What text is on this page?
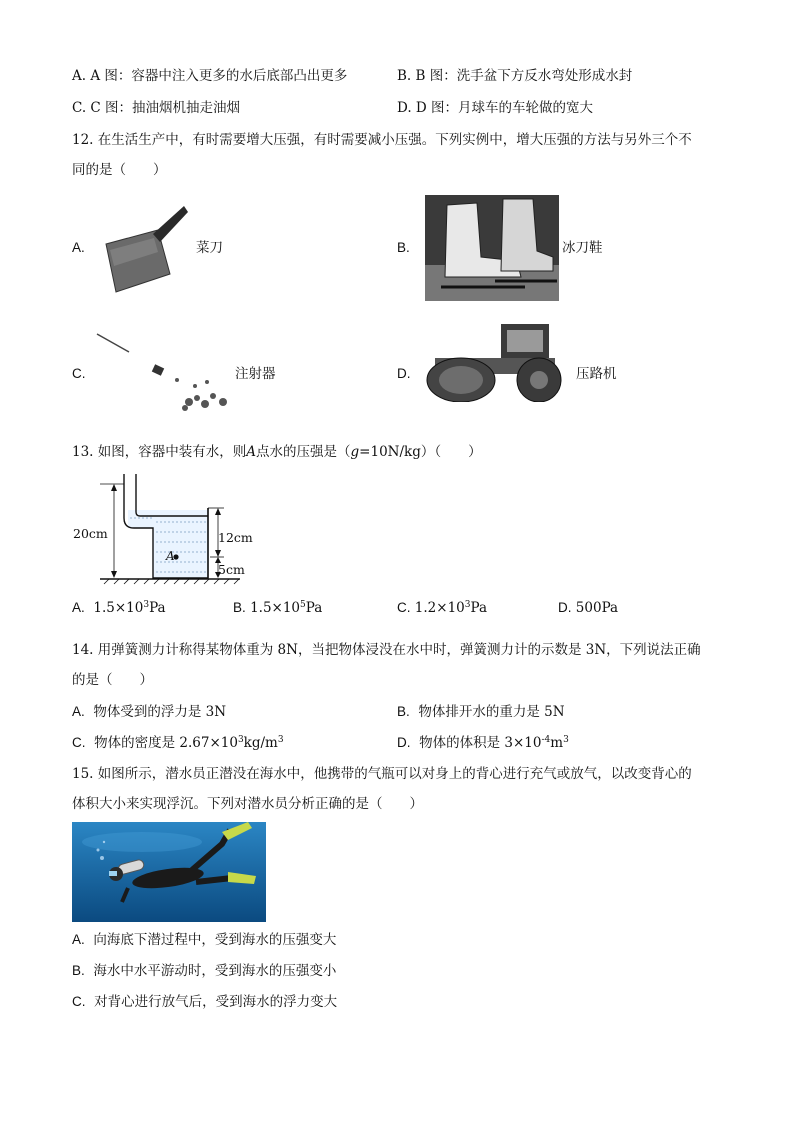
A. A 图：容器中注入更多的水后底部凸出更多	B. B 图：洗手盆下方反水弯处形成水封
C. C 图：抽油烟机抽走油烟	D. D 图：月球车的车轮做的宽大
12. 在生活生产中，有时需要增大压强，有时需要减小压强。下列实例中，增大压强的方法与另外三个不
同的是（　　）
A.	菜刀	B.	冰刀鞋
C.	注射器	D.	压路机
13. 如图，容器中装有水，则A点水的压强是（g=10N/kg）（　　）
20cm	12cm
5cm
A
A. $1.5\times 10^3Pa$	B. $1.5\times 10^5Pa$	C. $1.2\times 10^3Pa$	D. 500Pa
14. 用弹簧测力计称得某物体重为 8N，当把物体浸没在水中时，弹簧测力计的示数是 3N，下列说法正确
的是（　　）
A. 物体受到的浮力是 3N	B. 物体排开水的重力是 5N
C. 物体的密度是 $2.67\times 10^3kg/m^3$	D. 物体的体积是 $3\times 10^{-4}m^3$
15. 如图所示，潜水员正潜没在海水中，他携带的气瓶可以对身上的背心进行充气或放气，以改变背心的
体积大小来实现浮沉。下列对潜水员分析正确的是（　　）
A. 向海底下潜过程中，受到海水的压强变大
B. 海水中水平游动时，受到海水的压强变小
C. 对背心进行放气后，受到海水的浮力变大
